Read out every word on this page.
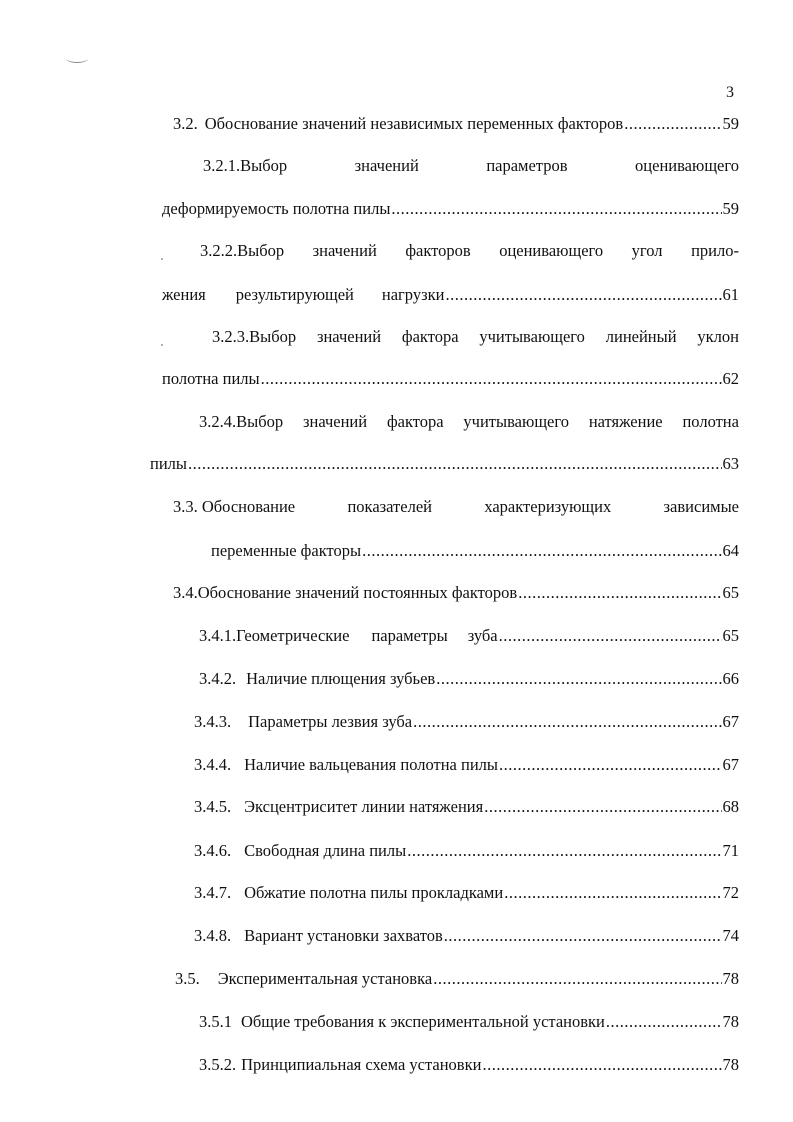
3
3.2. Обоснование значений независимых переменных факторов .....	59
3.2.1.Выбор	значений	параметров	оценивающего
деформируемость полотна пилы .....	59
3.2.2.Выбор значений факторов оценивающего угол прило-
жения результирующей нагрузки .....	61
3.2.3.Выбор значений фактора учитывающего линейный уклон
полотна пилы .....	62
3.2.4.Выбор значений фактора учитывающего натяжение полотна
пилы .....	63
3.3. Обоснование	показателей	характеризующих	зависимые
переменные факторы .....	64
3.4. Обоснование значений постоянных факторов .....	65
3.4.1. Геометрические параметры зуба .....	65
3.4.2. Наличие плющения зубьев .....	66
3.4.3. Параметры лезвия зуба .....	67
3.4.4. Наличие вальцевания полотна пилы .....	67
3.4.5. Эксцентриситет линии натяжения .....	68
3.4.6. Свободная длина пилы .....	71
3.4.7. Обжатие полотна пилы прокладками .....	72
3.4.8. Вариант установки захватов .....	74
3.5. Экспериментальная установка .....	78
3.5.1 Общие требования к экспериментальной установки .....	78
3.5.2. Принципиальная схема установки .....	78
